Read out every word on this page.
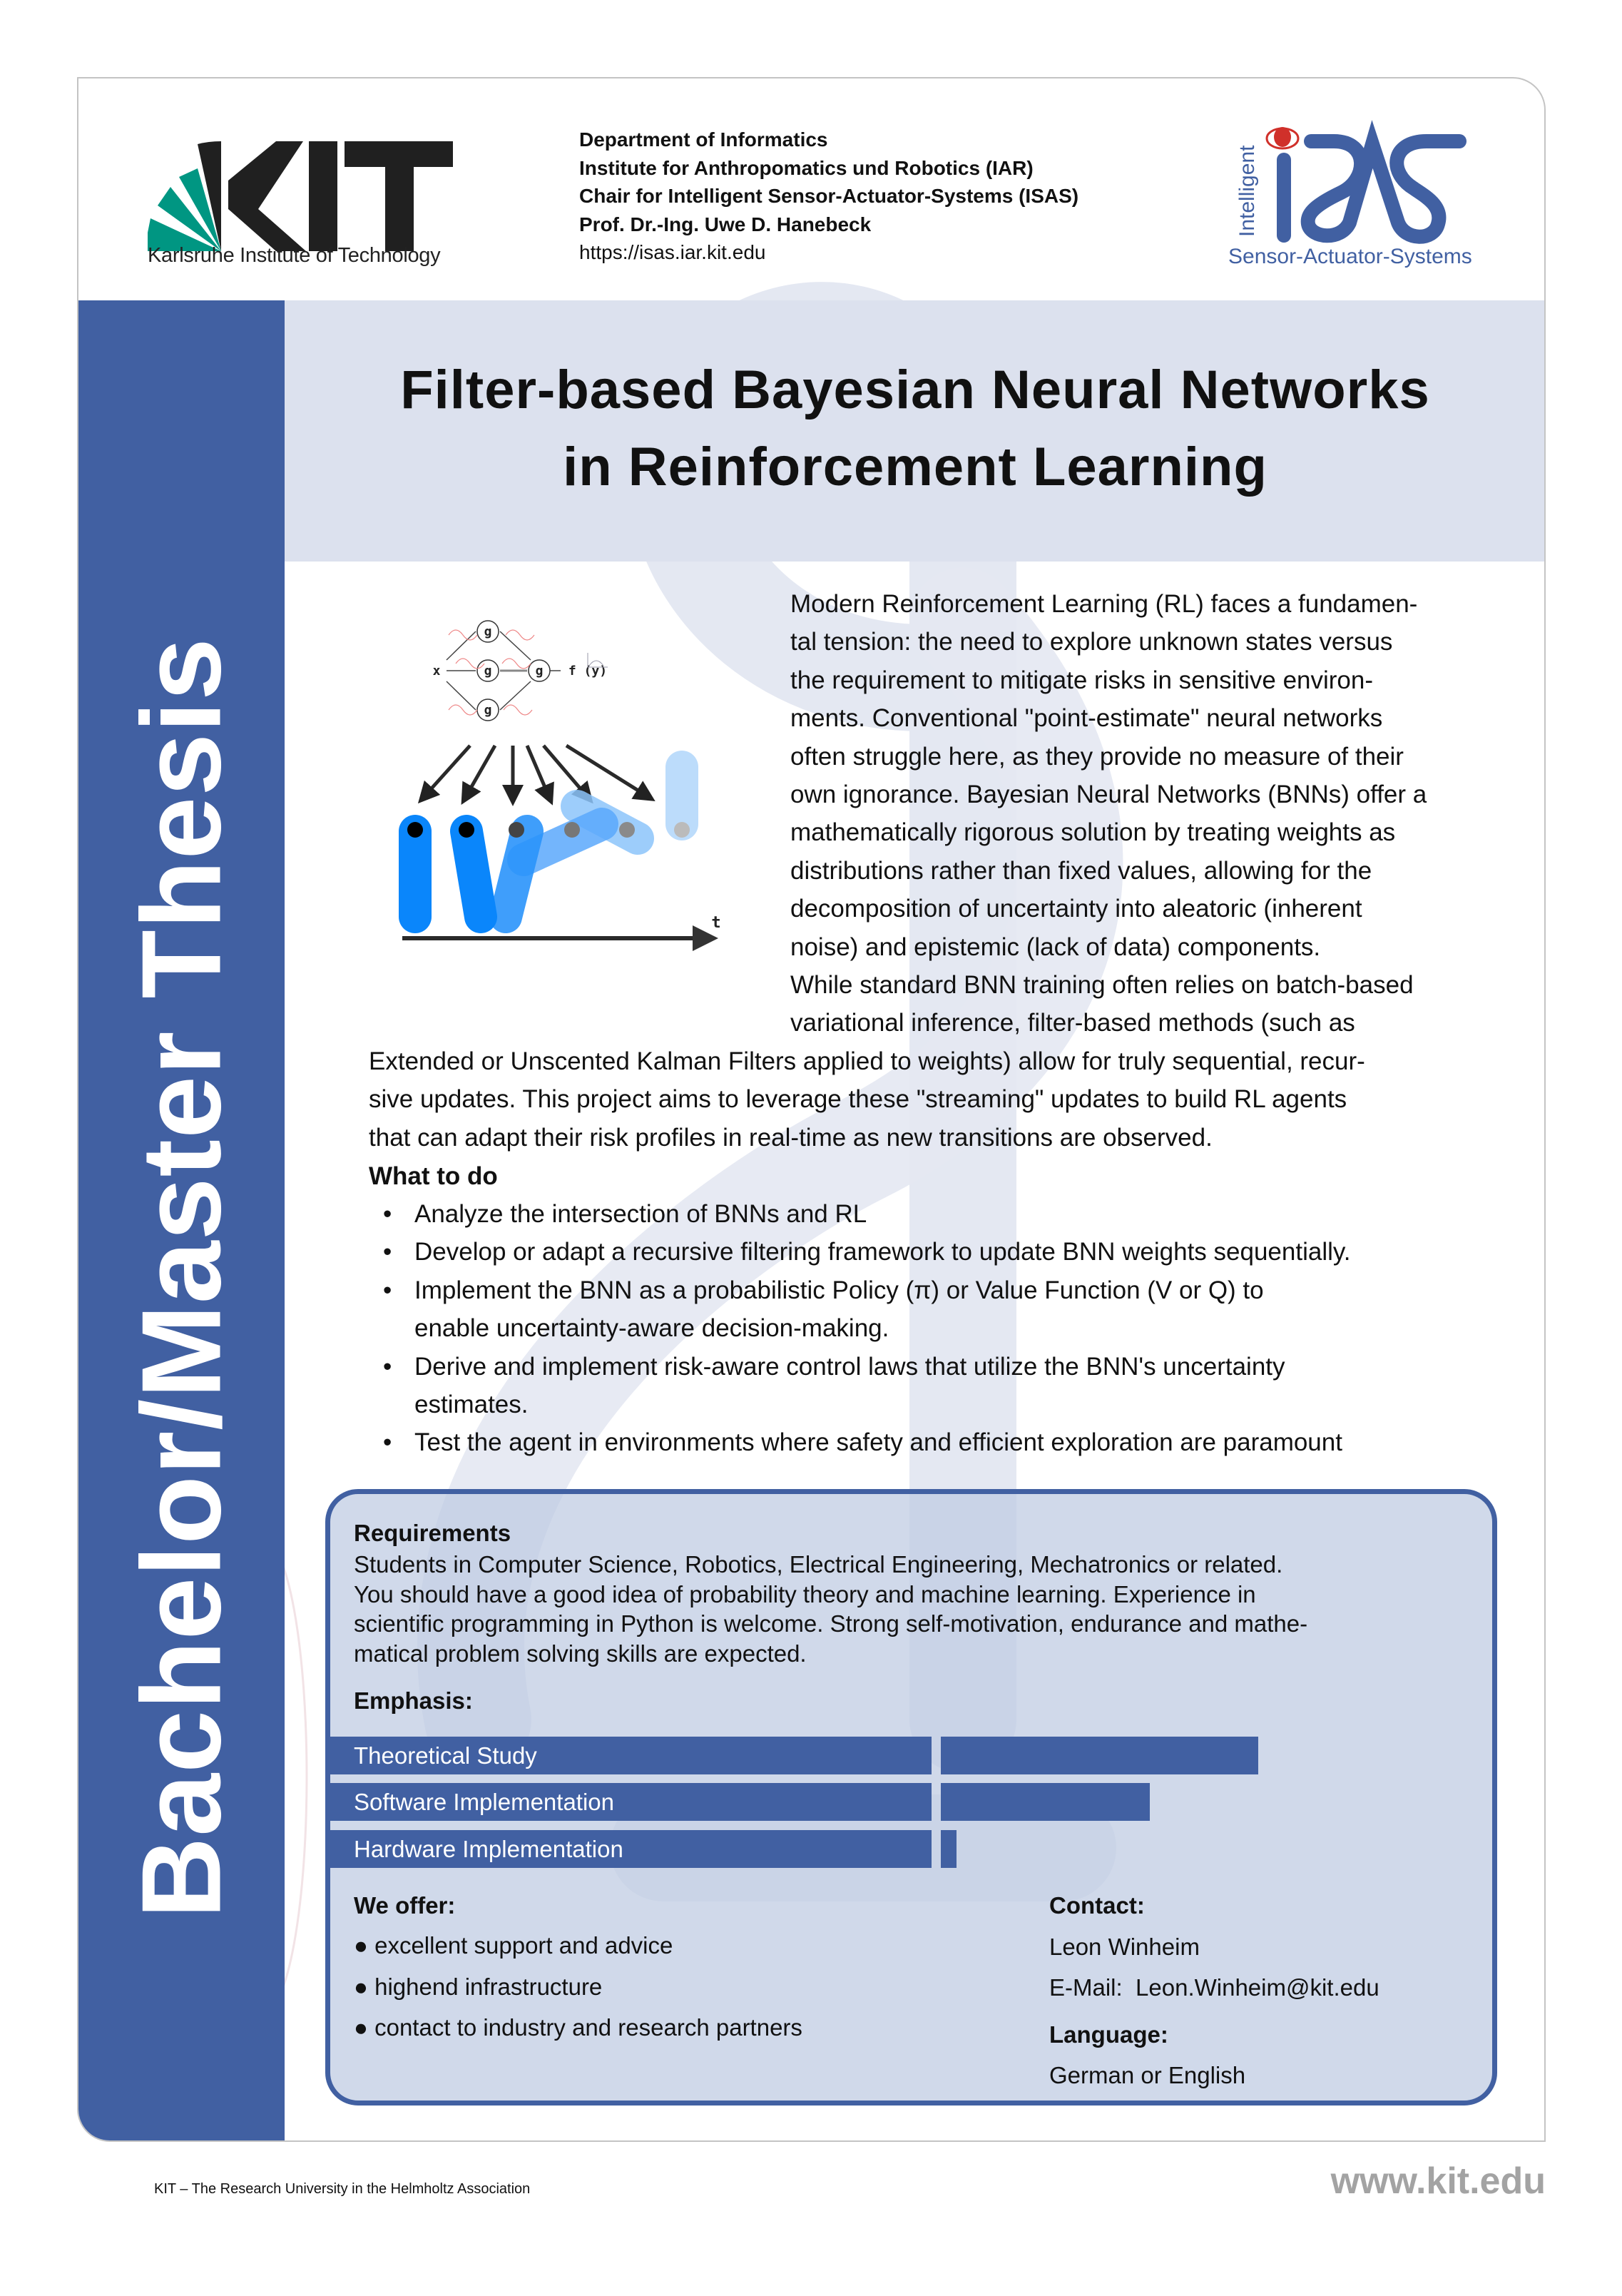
Karlsruhe Institute of Technology
Department of Informatics
Institute for Anthropomatics und Robotics (IAR)
Chair for Intelligent Sensor-Actuator-Systems (ISAS)
Prof. Dr.-Ing. Uwe D. Hanebeck
https://isas.iar.kit.edu
Intelligent
Sensor-Actuator-Systems
Bachelor/Master Thesis
Filter-based Bayesian Neural Networks
in Reinforcement Learning
g
g
g
g
x	f (y)
t
Modern Reinforcement Learning (RL) faces a fundamen-
tal tension: the need to explore unknown states versus
the requirement to mitigate risks in sensitive environ-
ments. Conventional "point-estimate" neural networks
often struggle here, as they provide no measure of their
own ignorance. Bayesian Neural Networks (BNNs) offer a
mathematically rigorous solution by treating weights as
distributions rather than fixed values, allowing for the
decomposition of uncertainty into aleatoric (inherent
noise) and epistemic (lack of data) components.
While standard BNN training often relies on batch-based
variational inference, filter-based methods (such as
Extended or Unscented Kalman Filters applied to weights) allow for truly sequential, recur-
sive updates. This project aims to leverage these "streaming" updates to build RL agents
that can adapt their risk profiles in real-time as new transitions are observed.
What to do
• Analyze the intersection of BNNs and RL
• Develop or adapt a recursive filtering framework to update BNN weights sequentially.
• Implement the BNN as a probabilistic Policy (π) or Value Function (V or Q) to
enable uncertainty-aware decision-making.
• Derive and implement risk-aware control laws that utilize the BNN's uncertainty
estimates.
• Test the agent in environments where safety and efficient exploration are paramount
Requirements
Students in Computer Science, Robotics, Electrical Engineering, Mechatronics or related.
You should have a good idea of probability theory and machine learning. Experience in
scientific programming in Python is welcome. Strong self-motivation, endurance and mathe-
matical problem solving skills are expected.
Emphasis:
Theoretical Study
Software Implementation
Hardware Implementation
We offer:
● excellent support and advice
● highend infrastructure
● contact to industry and research partners
Contact:
Leon Winheim
E-Mail: Leon.Winheim@kit.edu
Language:
German or English
KIT – The Research University in the Helmholtz Association	www.kit.edu
